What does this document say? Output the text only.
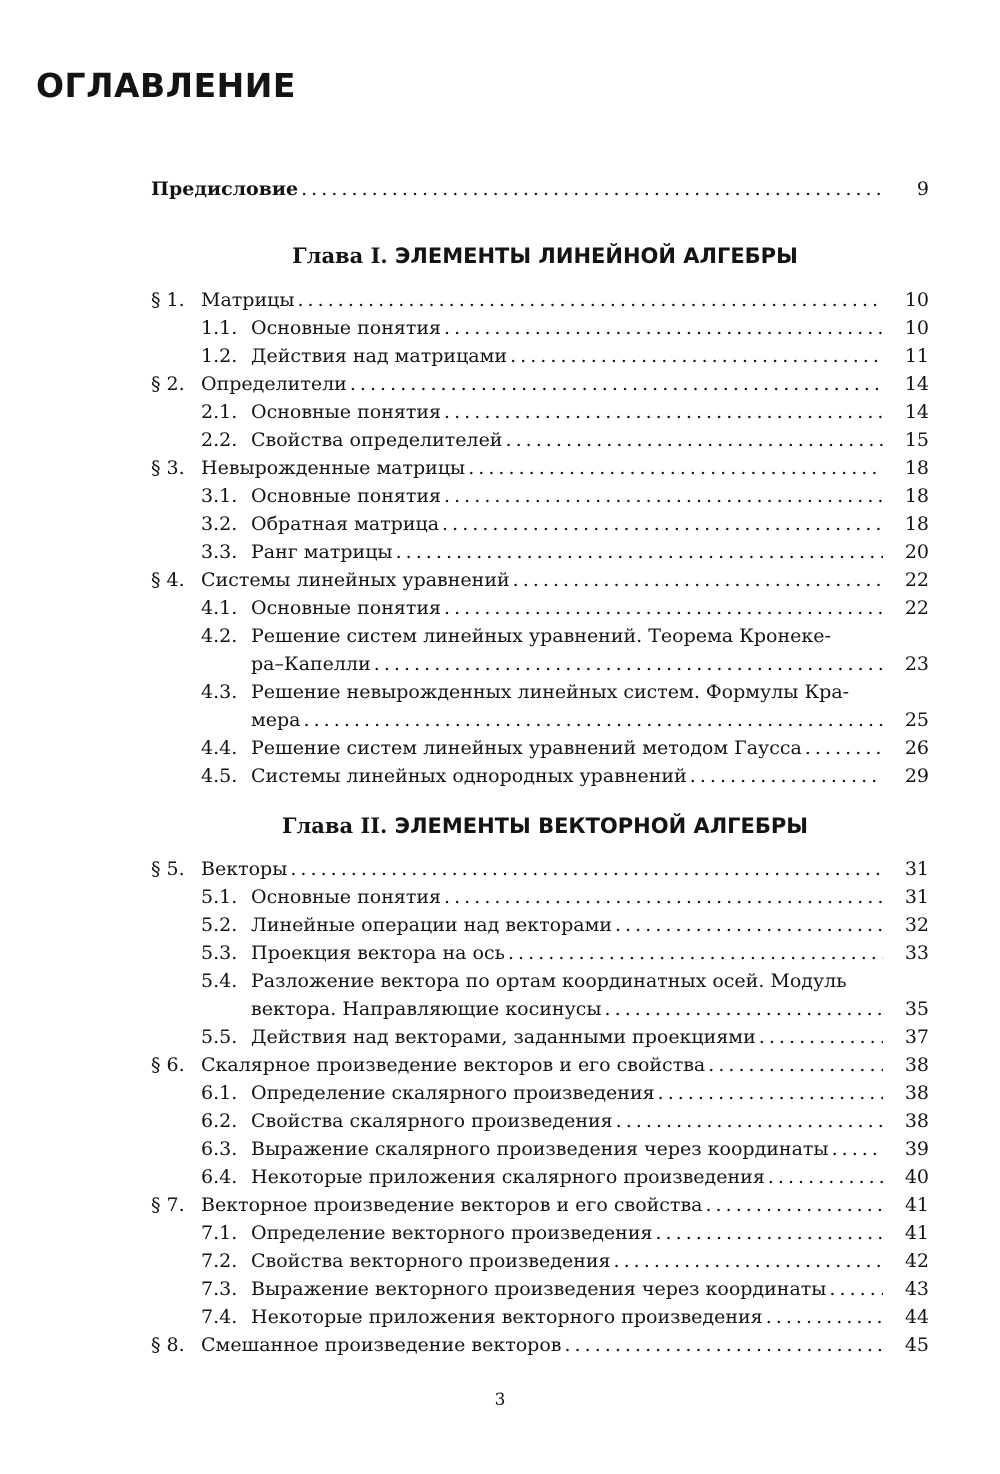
ОГЛАВЛЕНИЕ
Предисловие . . .	9
Глава I. ЭЛЕМЕНТЫ ЛИНЕЙНОЙ АЛГЕБРЫ
§ 1. Матрицы . . .	10
1.1. Основные понятия . . .	10
1.2. Действия над матрицами . . .	11
§ 2. Определители . . .	14
2.1. Основные понятия . . .	14
2.2. Свойства определителей . . .	15
§ 3. Невырожденные матрицы . . .	18
3.1. Основные понятия . . .	18
3.2. Обратная матрица . . .	18
3.3. Ранг матрицы . . .	20
§ 4. Системы линейных уравнений . . .	22
4.1. Основные понятия . . .	22
4.2. Решение систем линейных уравнений. Теорема Кронеке-
ра–Капелли . . .	23
4.3. Решение невырожденных линейных систем. Формулы Кра-
мера . . .	25
4.4. Решение систем линейных уравнений методом Гаусса . . .	26
4.5. Системы линейных однородных уравнений . . .	29
Глава II. ЭЛЕМЕНТЫ ВЕКТОРНОЙ АЛГЕБРЫ
§ 5. Векторы . . .	31
5.1. Основные понятия . . .	31
5.2. Линейные операции над векторами . . .	32
5.3. Проекция вектора на ось . . .	33
5.4. Разложение вектора по ортам координатных осей. Модуль
вектора. Направляющие косинусы . . .	35
5.5. Действия над векторами, заданными проекциями . . .	37
§ 6. Скалярное произведение векторов и его свойства . . .	38
6.1. Определение скалярного произведения . . .	38
6.2. Свойства скалярного произведения . . .	38
6.3. Выражение скалярного произведения через координаты . . .	39
6.4. Некоторые приложения скалярного произведения . . .	40
§ 7. Векторное произведение векторов и его свойства . . .	41
7.1. Определение векторного произведения . . .	41
7.2. Свойства векторного произведения . . .	42
7.3. Выражение векторного произведения через координаты . . .	43
7.4. Некоторые приложения векторного произведения . . .	44
§ 8. Смешанное произведение векторов . . .	45
3
